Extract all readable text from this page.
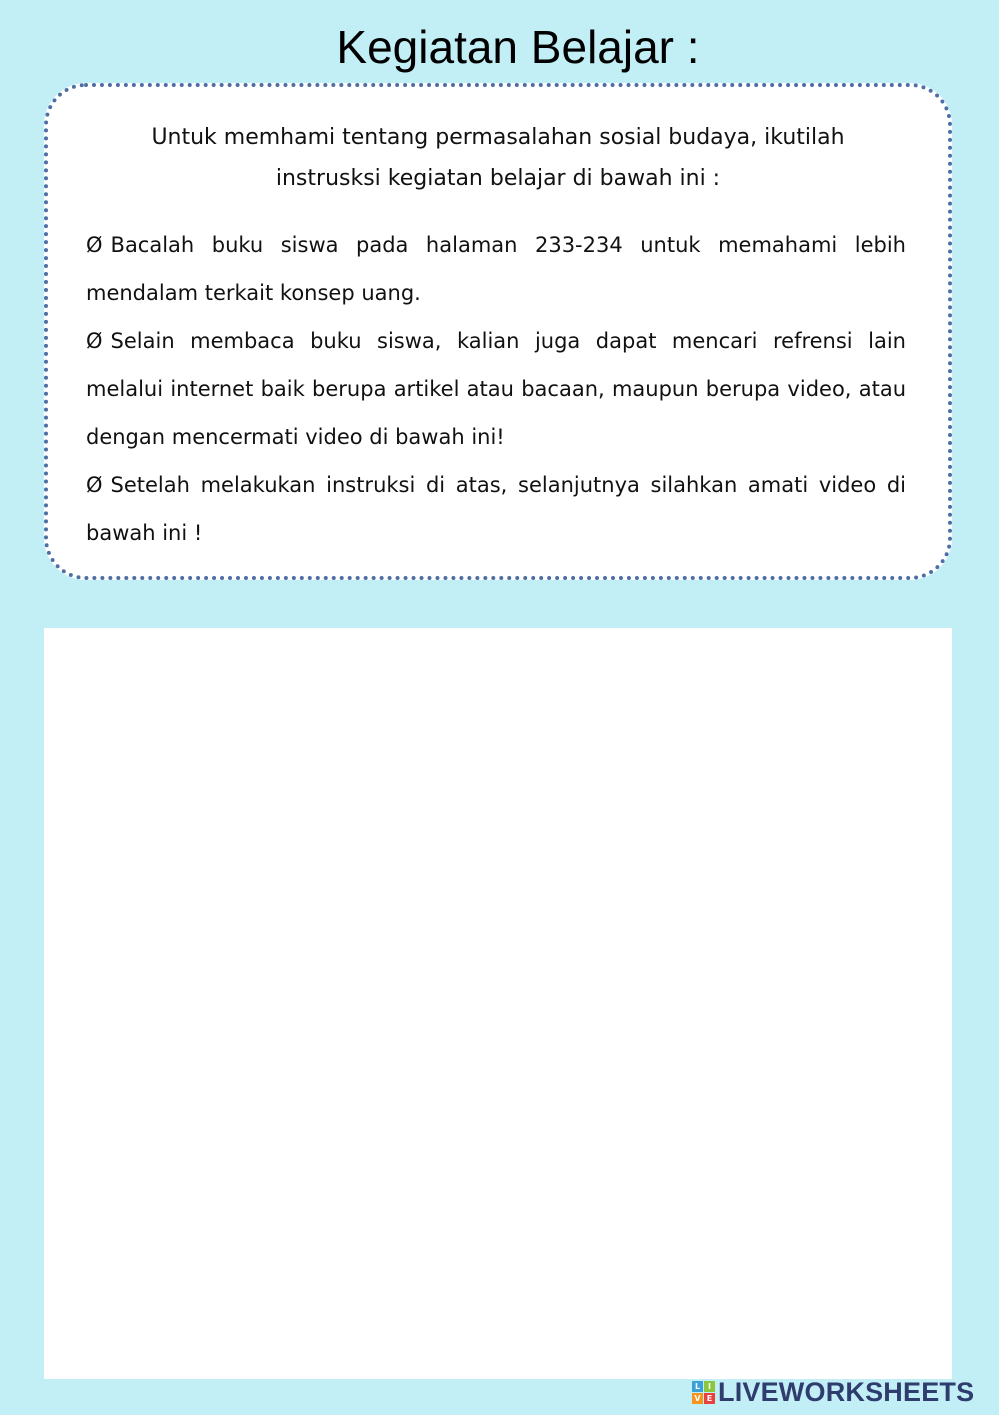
Kegiatan Belajar :
Untuk memhami tentang permasalahan sosial budaya, ikutilah
instrusksi kegiatan belajar di bawah ini :

Ø Bacalah buku siswa pada halaman 233-234 untuk memahami lebih mendalam terkait konsep uang.

Ø Selain membaca buku siswa, kalian juga dapat mencari refrensi lain melalui internet baik berupa artikel atau bacaan, maupun berupa video, atau dengan mencermati video di bawah ini!

Ø Setelah melakukan instruksi di atas, selanjutnya silahkan amati video di bawah ini !

L I
V E LIVEWORKSHEETS
